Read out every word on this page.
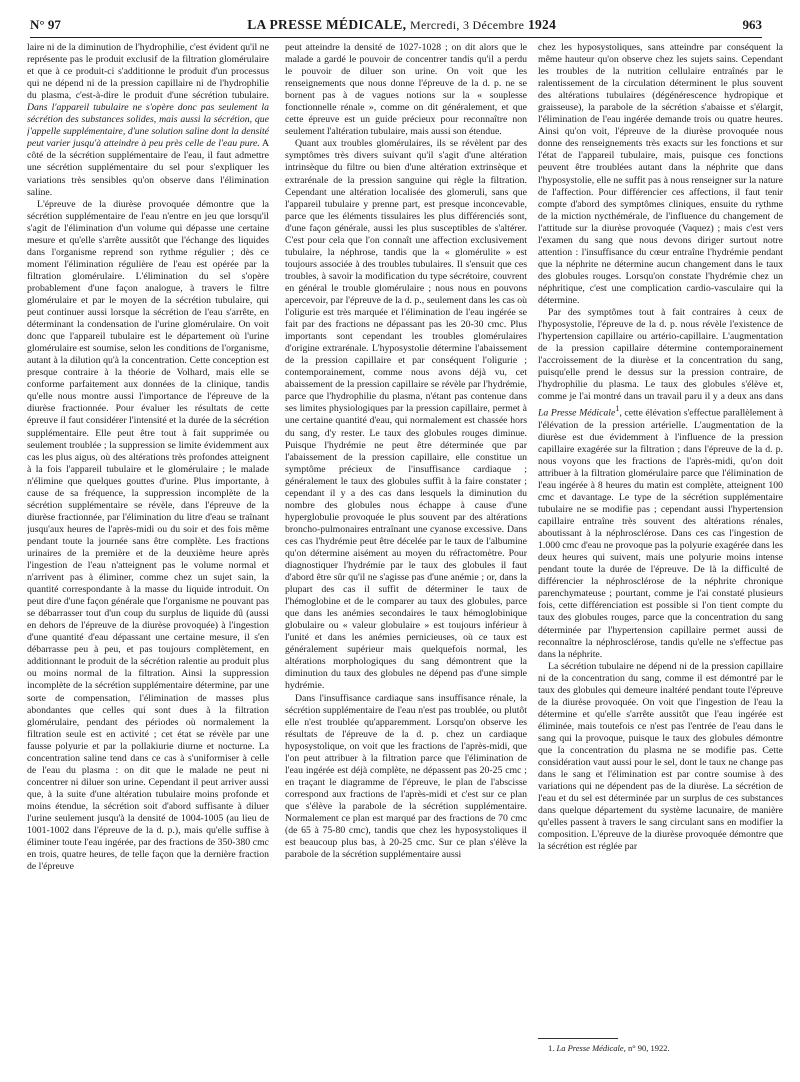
N° 97	LA PRESSE MÉDICALE, Mercredi, 3 Décembre 1924	963

laire ni de la diminution de l'hydrophilie, c'est évident qu'il ne représente pas le produit exclusif de la filtration glomérulaire et que à ce produit-ci s'additionne le produit d'un processus qui ne dépend ni de la pression capillaire ni de l'hydrophilie du plasma, c'est-à-dire le produit d'une sécrétion tubulaire. Dans l'appareil tubulaire ne s'opère donc pas seulement la sécrétion des substances solides, mais aussi la sécrétion, que j'appelle supplémentaire, d'une solution saline dont la densité peut varier jusqu'à atteindre à peu près celle de l'eau pure. A côté de la sécrétion supplémentaire de l'eau, il faut admettre une sécrétion supplémentaire du sel pour s'expliquer les variations très sensibles qu'on observe dans l'élimination saline.

L'épreuve de la diurèse provoquée démontre que la sécrétion supplémentaire de l'eau n'entre en jeu que lorsqu'il s'agit de l'élimination d'un volume qui dépasse une certaine mesure et qu'elle s'arrête aussitôt que l'échange des liquides dans l'organisme reprend son rythme régulier ; dès ce moment l'élimination régulière de l'eau est opérée par la filtration glomérulaire. L'élimination du sel s'opère probablement d'une façon analogue, à travers le filtre glomérulaire et par le moyen de la sécrétion tubulaire, qui peut continuer aussi lorsque la sécrétion de l'eau s'arrête, en déterminant la condensation de l'urine glomérulaire. On voit donc que l'appareil tubulaire est le département où l'urine glomérulaire est soumise, selon les conditions de l'organisme, autant à la dilution qu'à la concentration. Cette conception est presque contraire à la théorie de Volhard, mais elle se conforme parfaitement aux données de la clinique, tandis qu'elle nous montre aussi l'importance de l'épreuve de la diurèse fractionnée. Pour évaluer les résultats de cette épreuve il faut considérer l'intensité et la durée de la sécrétion supplémentaire. Elle peut être tout à fait supprimée ou seulement troublée ; la suppression se limite évidemment aux cas les plus aigus, où des altérations très profondes atteignent à la fois l'appareil tubulaire et le glomérulaire ; le malade n'élimine que quelques gouttes d'urine. Plus importante, à cause de sa fréquence, la suppression incomplète de la sécrétion supplémentaire se révèle, dans l'épreuve de la diurèse fractionnée, par l'élimination du litre d'eau se traînant jusqu'aux heures de l'après-midi ou du soir et des fois même pendant toute la journée sans être complète. Les fractions urinaires de la première et de la deuxième heure après l'ingestion de l'eau n'atteignent pas le volume normal et n'arrivent pas à éliminer, comme chez un sujet sain, la quantité correspondante à la masse du liquide introduit. On peut dire d'une façon générale que l'organisme ne pouvant pas se débarrasser tout d'un coup du surplus de liquide dû (aussi en dehors de l'épreuve de la diurèse provoquée) à l'ingestion d'une quantité d'eau dépassant une certaine mesure, il s'en débarrasse peu à peu, et pas toujours complètement, en additionnant le produit de la sécrétion ralentie au produit plus ou moins normal de la filtration. Ainsi la suppression incomplète de la sécrétion supplémentaire détermine, par une sorte de compensation, l'élimination de masses plus abondantes que celles qui sont dues à la filtration glomérulaire, pendant des périodes où normalement la filtration seule est en activité ; cet état se révèle par une fausse polyurie et par la pollakiurie diurne et nocturne. La concentration saline tend dans ce cas à s'uniformiser à celle de l'eau du plasma : on dit que le malade ne peut ni concentrer ni diluer son urine. Cependant il peut arriver aussi que, à la suite d'une altération tubulaire moins profonde et moins étendue, la sécrétion soit d'abord suffisante à diluer l'urine seulement jusqu'à la densité de 1004-1005 (au lieu de 1001-1002 dans l'épreuve de la d. p.), mais qu'elle suffise à éliminer toute l'eau ingérée, par des fractions de 350-380 cmc en trois, quatre heures, de telle façon que la dernière fraction de l'épreuve

peut atteindre la densité de 1027-1028 ; on dit alors que le malade a gardé le pouvoir de concentrer tandis qu'il a perdu le pouvoir de diluer son urine. On voit que les renseignements que nous donne l'épreuve de la d. p. ne se bornent pas à de vagues notions sur la « souplesse fonctionnelle rénale », comme on dit généralement, et que cette épreuve est un guide précieux pour reconnaître non seulement l'altération tubulaire, mais aussi son étendue.

Quant aux troubles glomérulaires, ils se révèlent par des symptômes très divers suivant qu'il s'agit d'une altération intrinsèque du filtre ou bien d'une altération extrinsèque et extrarénale de la pression sanguine qui règle la filtration. Cependant une altération localisée des glomeruli, sans que l'appareil tubulaire y prenne part, est presque inconcevable, parce que les éléments tissulaires les plus différenciés sont, d'une façon générale, aussi les plus susceptibles de s'altérer. C'est pour cela que l'on connaît une affection exclusivement tubulaire, la néphrose, tandis que la « glomérulite » est toujours associée à des troubles tubulaires. Il s'ensuit que ces troubles, à savoir la modification du type sécrétoire, couvrent en général le trouble glomérulaire ; nous nous en pouvons apercevoir, par l'épreuve de la d. p., seulement dans les cas où l'oligurie est très marquée et l'élimination de l'eau ingérée se fait par des fractions ne dépassant pas les 20-30 cmc. Plus importants sont cependant les troubles glomérulaires d'origine extrarénale. L'hyposystolie détermine l'abaissement de la pression capillaire et par conséquent l'oligurie ; contemporainement, comme nous avons déjà vu, cet abaissement de la pression capillaire se révèle par l'hydrémie, parce que l'hydrophilie du plasma, n'étant pas contenue dans ses limites physiologiques par la pression capillaire, permet à une certaine quantité d'eau, qui normalement est chassée hors du sang, d'y rester. Le taux des globules rouges diminue. Puisque l'hydrémie ne peut être déterminée que par l'abaissement de la pression capillaire, elle constitue un symptôme précieux de l'insuffisance cardiaque ; généralement le taux des globules suffit à la faire constater ; cependant il y a des cas dans lesquels la diminution du nombre des globules nous échappe à cause d'une hyperglobulie provoquée le plus souvent par des altérations broncho-pulmonaires entraînant une cyanose excessive. Dans ces cas l'hydrémie peut être décelée par le taux de l'albumine qu'on détermine aisément au moyen du réfractomètre. Pour diagnostiquer l'hydrémie par le taux des globules il faut d'abord être sûr qu'il ne s'agisse pas d'une anémie ; or, dans la plupart des cas il suffit de déterminer le taux de l'hémoglobine et de le comparer au taux des globules, parce que dans les anémies secondaires le taux hémoglobinique globulaire ou « valeur globulaire » est toujours inférieur à l'unité et dans les anémies pernicieuses, où ce taux est généralement supérieur mais quelquefois normal, les altérations morphologiques du sang démontrent que la diminution du taux des globules ne dépend pas d'une simple hydrémie.

Dans l'insuffisance cardiaque sans insuffisance rénale, la sécrétion supplémentaire de l'eau n'est pas troublée, ou plutôt elle n'est troublée qu'apparemment. Lorsqu'on observe les résultats de l'épreuve de la d. p. chez un cardiaque hyposystolique, on voit que les fractions de l'après-midi, que l'on peut attribuer à la filtration parce que l'élimination de l'eau ingérée est déjà complète, ne dépassent pas 20-25 cmc ; en traçant le diagramme de l'épreuve, le plan de l'abscisse correspond aux fractions de l'après-midi et c'est sur ce plan que s'élève la parabole de la sécrétion supplémentaire. Normalement ce plan est marqué par des fractions de 70 cmc (de 65 à 75-80 cmc), tandis que chez les hyposystoliques il est beaucoup plus bas, à 20-25 cmc. Sur ce plan s'élève la parabole de la sécrétion supplémentaire aussi

chez les hyposystoliques, sans atteindre par conséquent la même hauteur qu'on observe chez les sujets sains. Cependant les troubles de la nutrition cellulaire entraînés par le ralentissement de la circulation déterminent le plus souvent des altérations tubulaires (dégénérescence hydropique et graisseuse), la parabole de la sécrétion s'abaisse et s'élargit, l'élimination de l'eau ingérée demande trois ou quatre heures. Ainsi qu'on voit, l'épreuve de la diurèse provoquée nous donne des renseignements très exacts sur les fonctions et sur l'état de l'appareil tubulaire, mais, puisque ces fonctions peuvent être troublées autant dans la néphrite que dans l'hyposystolie, elle ne suffit pas à nous renseigner sur la nature de l'affection. Pour différencier ces affections, il faut tenir compte d'abord des symptômes cliniques, ensuite du rythme de la miction nycthémérale, de l'influence du changement de l'attitude sur la diurèse provoquée (Vaquez) ; mais c'est vers l'examen du sang que nous devons diriger surtout notre attention : l'insuffisance du cœur entraîne l'hydrémie pendant que la néphrite ne détermine aucun changement dans le taux des globules rouges. Lorsqu'on constate l'hydrémie chez un néphritique, c'est une complication cardio-vasculaire qui la détermine.

Par des symptômes tout à fait contraires à ceux de l'hyposystolie, l'épreuve de la d. p. nous révèle l'existence de l'hypertension capillaire ou artério-capillaire. L'augmentation de la pression capillaire détermine contemporainement l'accroissement de la diurèse et la concentration du sang, puisqu'elle prend le dessus sur la pression contraire, de l'hydrophilie du plasma. Le taux des globules s'élève et, comme je l'ai montré dans un travail paru il y a deux ans dans La Presse Médicale$^1$, cette élévation s'effectue parallèlement à l'élévation de la pression artérielle. L'augmentation de la diurèse est due évidemment à l'influence de la pression capillaire exagérée sur la filtration ; dans l'épreuve de la d. p. nous voyons que les fractions de l'après-midi, qu'on doit attribuer à la filtration glomérulaire parce que l'élimination de l'eau ingérée à 8 heures du matin est complète, atteignent 100 cmc et davantage. Le type de la sécrétion supplémentaire tubulaire ne se modifie pas ; cependant aussi l'hypertension capillaire entraîne très souvent des altérations rénales, aboutissant à la néphrosclérose. Dans ces cas l'ingestion de 1.000 cmc d'eau ne provoque pas la polyurie exagérée dans les deux heures qui suivent, mais une polyurie moins intense pendant toute la durée de l'épreuve. De là la difficulté de différencier la néphrosclérose de la néphrite chronique parenchymateuse ; pourtant, comme je l'ai constaté plusieurs fois, cette différenciation est possible si l'on tient compte du taux des globules rouges, parce que la concentration du sang déterminée par l'hypertension capillaire permet aussi de reconnaître la néphrosclérose, tandis qu'elle ne s'effectue pas dans la néphrite.

La sécrétion tubulaire ne dépend ni de la pression capillaire ni de la concentration du sang, comme il est démontré par le taux des globules qui demeure inaltéré pendant toute l'épreuve de la diurèse provoquée. On voit que l'ingestion de l'eau la détermine et qu'elle s'arrête aussitôt que l'eau ingérée est éliminée, mais toutefois ce n'est pas l'entrée de l'eau dans le sang qui la provoque, puisque le taux des globules démontre que la concentration du plasma ne se modifie pas. Cette considération vaut aussi pour le sel, dont le taux ne change pas dans le sang et l'élimination est par contre soumise à des variations qui ne dépendent pas de la diurèse. La sécrétion de l'eau et du sel est déterminée par un surplus de ces substances dans quelque département du système lacunaire, de manière qu'elles passent à travers le sang circulant sans en modifier la composition. L'épreuve de la diurèse provoquée démontre que la sécrétion est réglée par

1. La Presse Médicale, n° 90, 1922.
